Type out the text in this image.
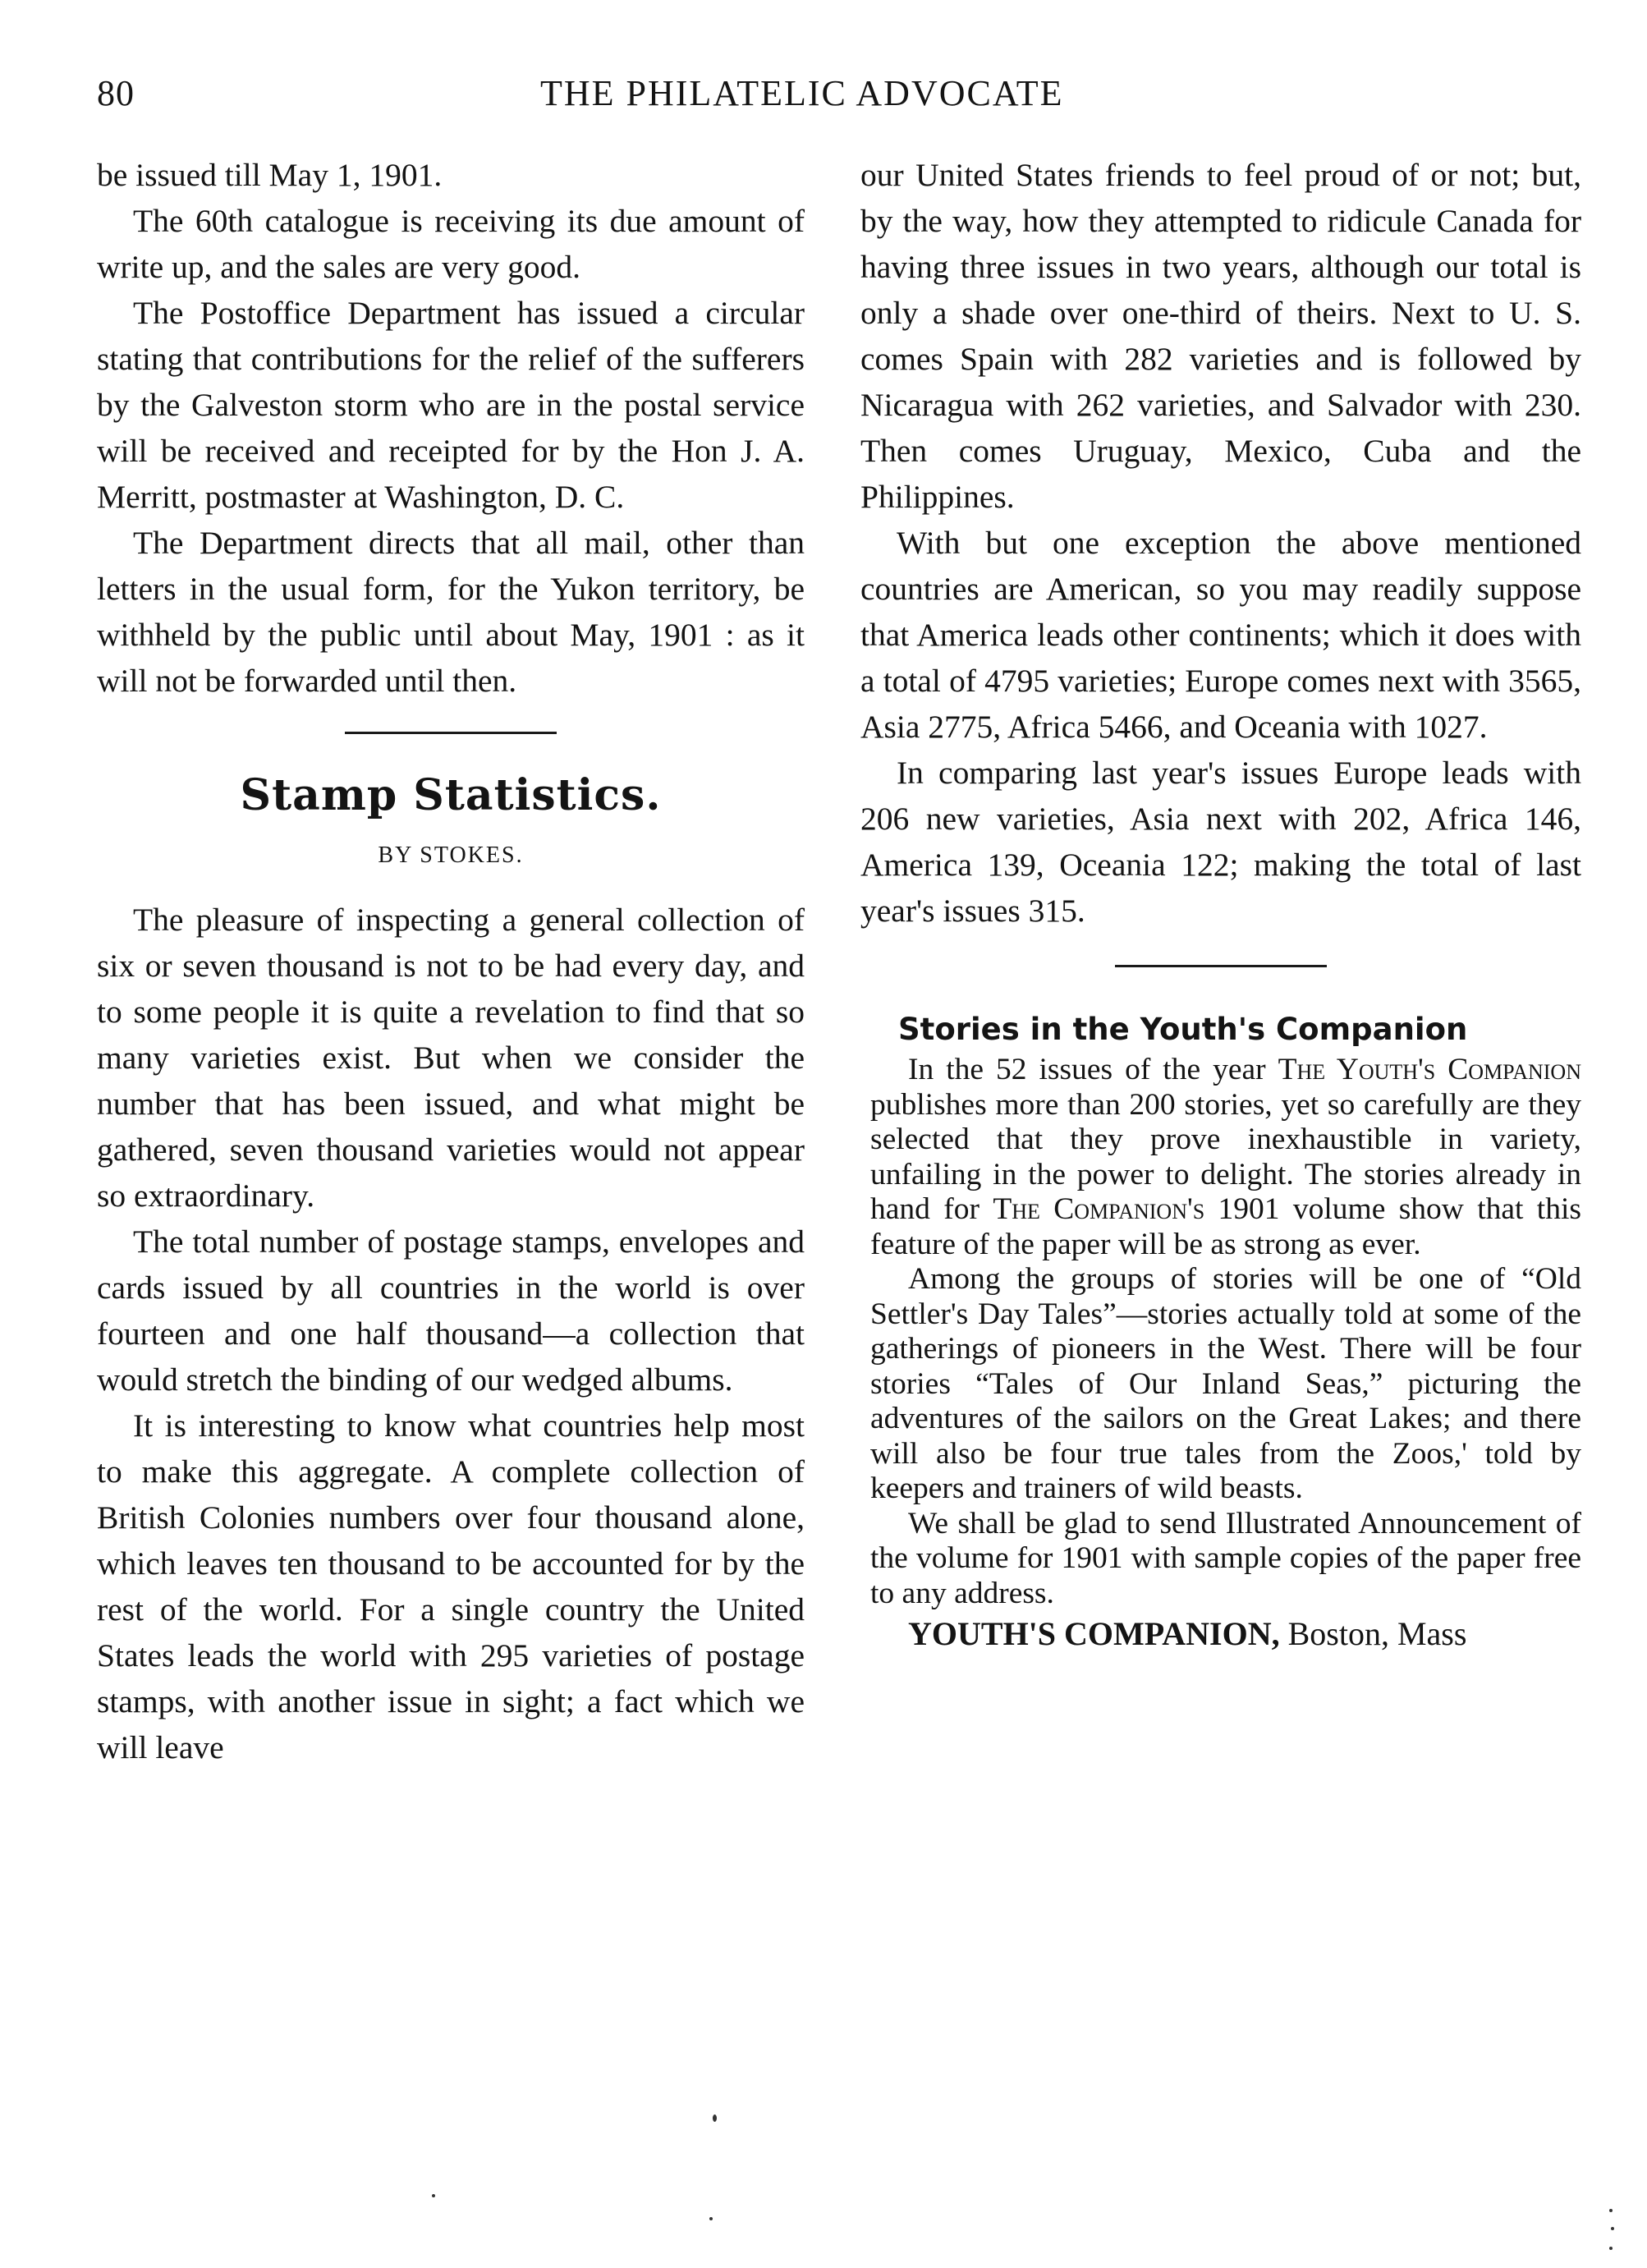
80	THE PHILATELIC ADVOCATE

be issued till May 1, 1901.

The 60th catalogue is receiving its due amount of write up, and the sales are very good.

The Postoffice Department has issued a circular stating that contributions for the relief of the sufferers by the Galveston storm who are in the postal service will be received and receipted for by the Hon J. A. Merritt, postmaster at Washington, D. C.

The Department directs that all mail, other than letters in the usual form, for the Yukon territory, be withheld by the public until about May, 1901 : as it will not be forwarded until then.

Stamp Statistics.
BY STOKES.

The pleasure of inspecting a general collection of six or seven thousand is not to be had every day, and to some people it is quite a revelation to find that so many varieties exist. But when we consider the number that has been issued, and what might be gathered, seven thousand varieties would not appear so extraordinary.

The total number of postage stamps, envelopes and cards issued by all countries in the world is over fourteen and one half thousand—a collection that would stretch the binding of our wedged albums.

It is interesting to know what countries help most to make this aggregate. A complete collection of British Colonies numbers over four thousand alone, which leaves ten thousand to be accounted for by the rest of the world. For a single country the United States leads the world with 295 varieties of postage stamps, with another issue in sight; a fact which we will leave

our United States friends to feel proud of or not; but, by the way, how they attempted to ridicule Canada for having three issues in two years, although our total is only a shade over one-third of theirs. Next to U. S. comes Spain with 282 varieties and is followed by Nicaragua with 262 varieties, and Salvador with 230. Then comes Uruguay, Mexico, Cuba and the Philippines.

With but one exception the above mentioned countries are American, so you may readily suppose that America leads other continents; which it does with a total of 4795 varieties; Europe comes next with 3565, Asia 2775, Africa 5466, and Oceania with 1027.

In comparing last year's issues Europe leads with 206 new varieties, Asia next with 202, Africa 146, America 139, Oceania 122; making the total of last year's issues 315.

Stories in the Youth's Companion

In the 52 issues of the year The Youth's Companion publishes more than 200 stories, yet so carefully are they selected that they prove inexhaustible in variety, unfailing in the power to delight. The stories already in hand for The Companion's 1901 volume show that this feature of the paper will be as strong as ever.

Among the groups of stories will be one of “Old Settler's Day Tales”—stories actually told at some of the gatherings of pioneers in the West. There will be four stories “Tales of Our Inland Seas,” picturing the adventures of the sailors on the Great Lakes; and there will also be four true tales from the Zoos,' told by keepers and trainers of wild beasts.

We shall be glad to send Illustrated Announcement of the volume for 1901 with sample copies of the paper free to any address.

YOUTH'S COMPANION, Boston, Mass
